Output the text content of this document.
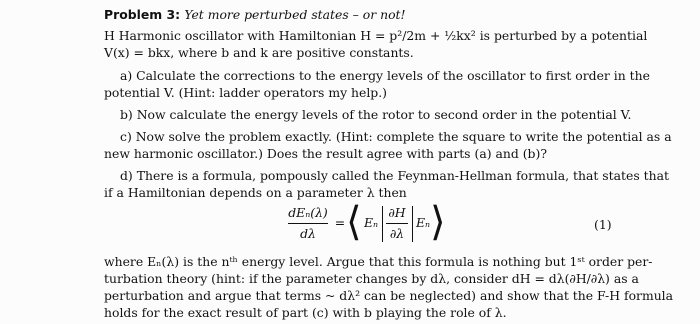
Problem 3: Yet more perturbed states – or not!
H Harmonic oscillator with Hamiltonian H = p²/2m + ½kx² is perturbed by a potential
V(x) = bkx, where b and k are positive constants.
a) Calculate the corrections to the energy levels of the oscillator to first order in the
potential V. (Hint: ladder operators my help.)
b) Now calculate the energy levels of the rotor to second order in the potential V.
c) Now solve the problem exactly. (Hint: complete the square to write the potential as a
new harmonic oscillator.) Does the result agree with parts (a) and (b)?
d) There is a formula, pompously called the Feynman-Hellman formula, that states that
if a Hamiltonian depends on a parameter λ then
dEₙ(λ)
dλ
= ⟨ Eₙ
∂H
∂λ
Eₙ ⟩	(1)
where Eₙ(λ) is the nᵗʰ energy level. Argue that this formula is nothing but 1ˢᵗ order per-
turbation theory (hint: if the parameter changes by dλ, consider dH = dλ(∂H/∂λ) as a
perturbation and argue that terms ~ dλ² can be neglected) and show that the F-H formula
holds for the exact result of part (c) with b playing the role of λ.
